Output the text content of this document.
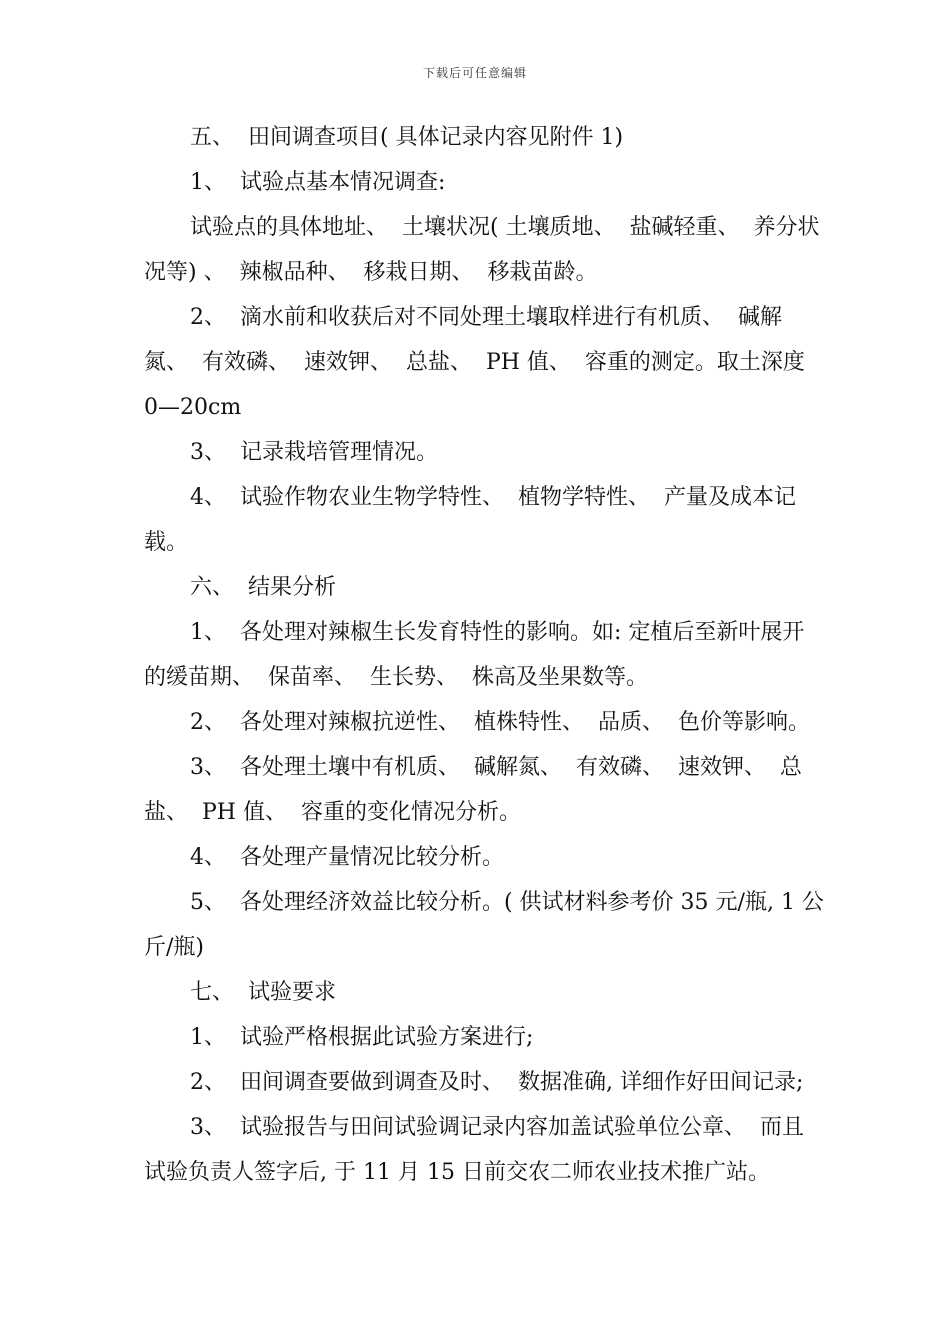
下载后可任意编辑

五、  田间调查项目( 具体记录内容见附件 1)

1、  试验点基本情况调查:

试验点的具体地址、  土壤状况( 土壤质地、  盐碱轻重、  养分状况等) 、  辣椒品种、  移栽日期、  移栽苗龄。

2、  滴水前和收获后对不同处理土壤取样进行有机质、  碱解氮、  有效磷、  速效钾、  总盐、  PH 值、  容重的测定。取土深度 0—20cm

3、  记录栽培管理情况。

4、  试验作物农业生物学特性、  植物学特性、  产量及成本记载。

六、  结果分析

1、  各处理对辣椒生长发育特性的影响。如: 定植后至新叶展开的缓苗期、  保苗率、  生长势、  株高及坐果数等。

2、  各处理对辣椒抗逆性、  植株特性、  品质、  色价等影响。

3、  各处理土壤中有机质、  碱解氮、  有效磷、  速效钾、  总盐、  PH 值、  容重的变化情况分析。

4、  各处理产量情况比较分析。

5、  各处理经济效益比较分析。( 供试材料参考价 35 元/瓶, 1 公斤/瓶)

七、  试验要求

1、  试验严格根据此试验方案进行;

2、  田间调查要做到调查及时、  数据准确, 详细作好田间记录;

3、  试验报告与田间试验调记录内容加盖试验单位公章、  而且试验负责人签字后, 于 11 月 15 日前交农二师农业技术推广站。
